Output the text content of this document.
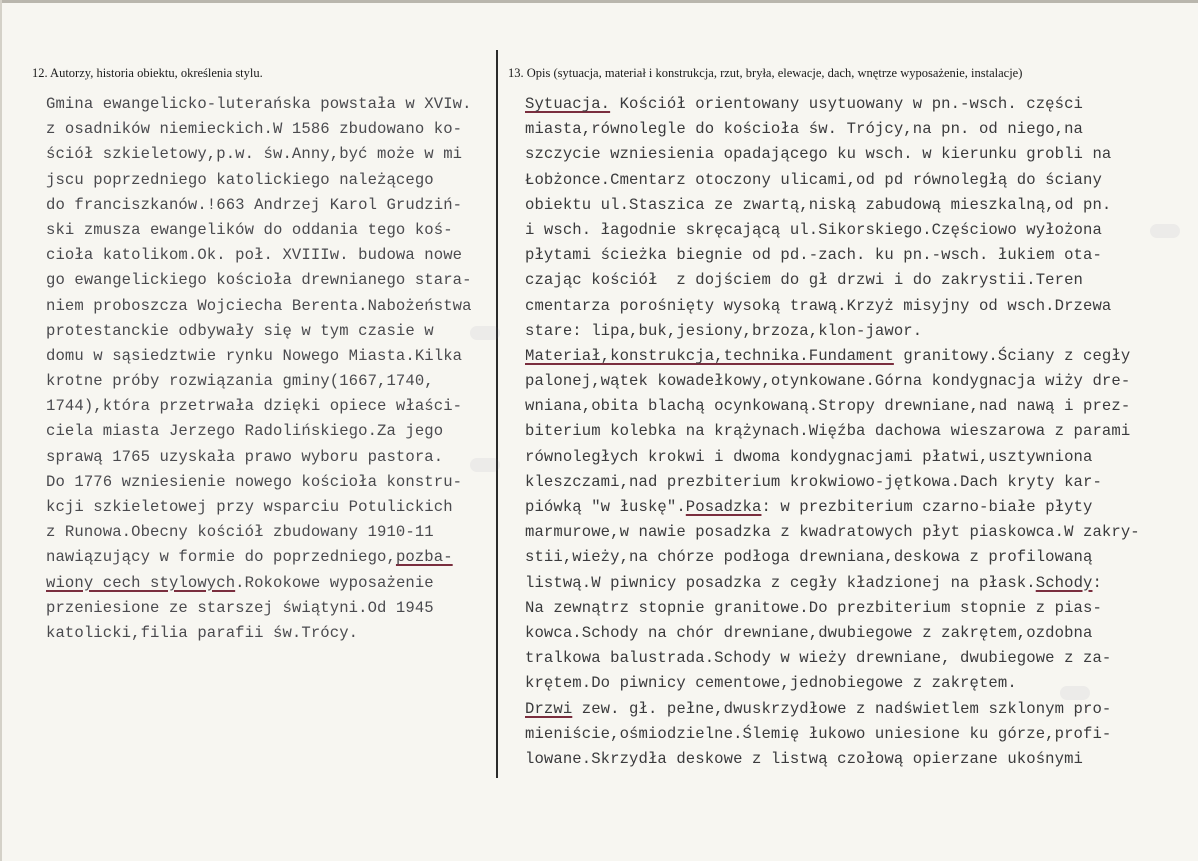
12. Autorzy, historia obiektu, określenia stylu.	13. Opis (sytuacja, materiał i konstrukcja, rzut, bryła, elewacje, dach, wnętrze wyposażenie, instalacje)
Gmina ewangelicko-luterańska powstała w XVIw.
z osadników niemieckich.W 1586 zbudowano ko-
ściół szkieletowy,p.w. św.Anny,być może w mi
jscu poprzedniego katolickiego należącego
do franciszkanów.!663 Andrzej Karol Grudziń-
ski zmusza ewangelików do oddania tego koś-
cioła katolikom.Ok. poł. XVIIIw. budowa nowe
go ewangelickiego kościoła drewnianego stara-
niem proboszcza Wojciecha Berenta.Nabożeństwa
protestanckie odbywały się w tym czasie w
domu w sąsiedztwie rynku Nowego Miasta.Kilka
krotne próby rozwiązania gminy(1667,1740,
1744),która przetrwała dzięki opiece właści-
ciela miasta Jerzego Radolińskiego.Za jego
sprawą 1765 uzyskała prawo wyboru pastora.
Do 1776 wzniesienie nowego kościoła konstru-
kcji szkieletowej przy wsparciu Potulickich
z Runowa.Obecny kościół zbudowany 1910-11
nawiązujący w formie do poprzedniego,pozba-
wiony cech stylowych.Rokokowe wyposażenie
przeniesione ze starszej świątyni.Od 1945
katolicki,filia parafii św.Trócy.
Sytuacja. Kościół orientowany usytuowany w pn.-wsch. części
miasta,równolegle do kościoła św. Trójcy,na pn. od niego,na
szczycie wzniesienia opadającego ku wsch. w kierunku grobli na
Łobżonce.Cmentarz otoczony ulicami,od pd równoległą do ściany
obiektu ul.Staszica ze zwartą,niską zabudową mieszkalną,od pn.
i wsch. łagodnie skręcającą ul.Sikorskiego.Częściowo wyłożona
płytami ścieżka biegnie od pd.-zach. ku pn.-wsch. łukiem ota-
czając kościół  z dojściem do gł drzwi i do zakrystii.Teren
cmentarza porośnięty wysoką trawą.Krzyż misyjny od wsch.Drzewa
stare: lipa,buk,jesiony,brzoza,klon-jawor.
Materiał,konstrukcja,technika.Fundament granitowy.Ściany z cegły
palonej,wątek kowadełkowy,otynkowane.Górna kondygnacja wiży dre-
wniana,obita blachą ocynkowaną.Stropy drewniane,nad nawą i prez-
biterium kolebka na krążynach.Więźba dachowa wieszarowa z parami
równoległych krokwi i dwoma kondygnacjami płatwi,usztywniona
kleszczami,nad prezbiterium krokwiowo-jętkowa.Dach kryty kar-
piówką "w łuskę".Posadzka: w prezbiterium czarno-białe płyty
marmurowe,w nawie posadzka z kwadratowych płyt piaskowca.W zakry-
stii,wieży,na chórze podłoga drewniana,deskowa z profilowaną
listwą.W piwnicy posadzka z cegły kładzionej na płask.Schody:
Na zewnątrz stopnie granitowe.Do prezbiterium stopnie z pias-
kowca.Schody na chór drewniane,dwubiegowe z zakrętem,ozdobna
tralkowa balustrada.Schody w wieży drewniane, dwubiegowe z za-
krętem.Do piwnicy cementowe,jednobiegowe z zakrętem.
Drzwi zew. gł. pełne,dwuskrzydłowe z nadświetlem szklonym pro-
mieniście,ośmiodzielne.Ślemię łukowo uniesione ku górze,profi-
lowane.Skrzydła deskowe z listwą czołową opierzane ukośnymi
